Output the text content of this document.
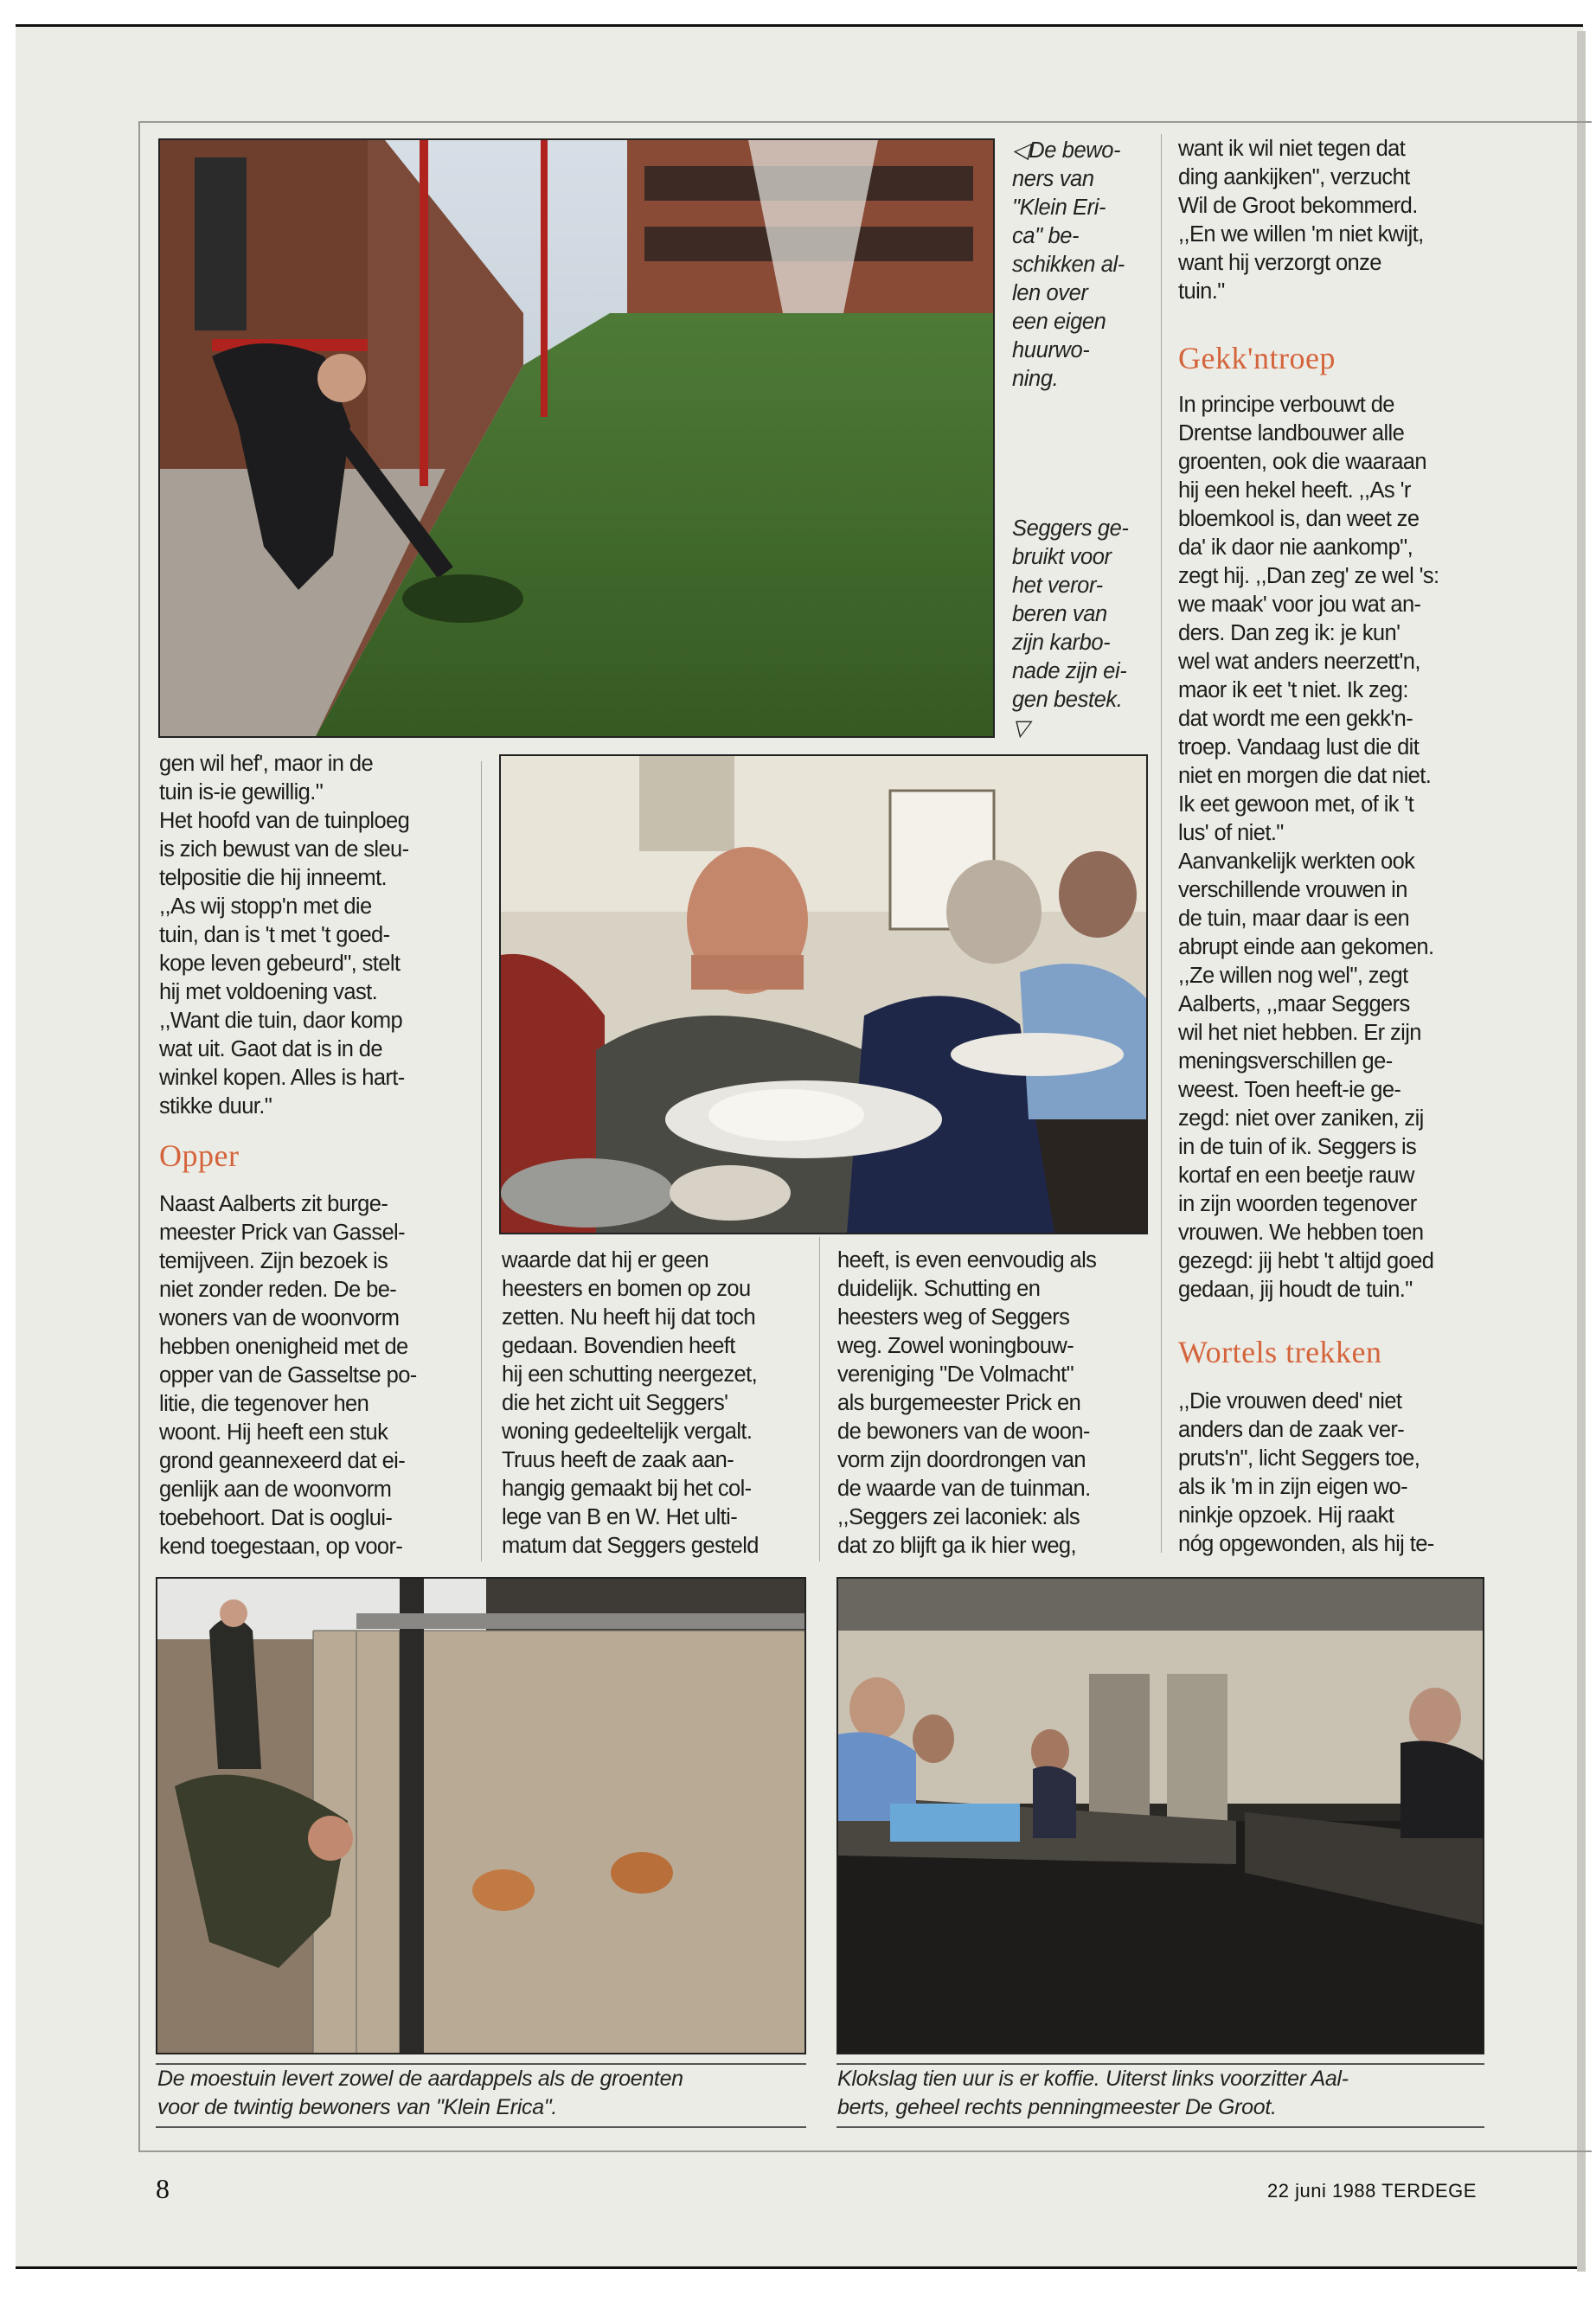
◁De bewo-
ners van
"Klein Eri-
ca" be-
schikken al-
len over
een eigen
huurwo-
ning.
Seggers ge-
bruikt voor
het veror-
beren van
zijn karbo-
nade zijn ei-
gen bestek.
▽
want ik wil niet tegen dat
ding aankijken", verzucht
Wil de Groot bekommerd.
,,En we willen 'm niet kwijt,
want hij verzorgt onze
tuin."
Gekk'ntroep
In principe verbouwt de
Drentse landbouwer alle
groenten, ook die waaraan
hij een hekel heeft. ,,As 'r
bloemkool is, dan weet ze
da' ik daor nie aankomp",
zegt hij. ,,Dan zeg' ze wel 's:
we maak' voor jou wat an-
ders. Dan zeg ik: je kun'
wel wat anders neerzett'n,
maor ik eet 't niet. Ik zeg:
dat wordt me een gekk'n-
troep. Vandaag lust die dit
niet en morgen die dat niet.
Ik eet gewoon met, of ik 't
lus' of niet."
Aanvankelijk werkten ook
verschillende vrouwen in
de tuin, maar daar is een
abrupt einde aan gekomen.
,,Ze willen nog wel", zegt
Aalberts, ,,maar Seggers
wil het niet hebben. Er zijn
meningsverschillen ge-
weest. Toen heeft-ie ge-
zegd: niet over zaniken, zij
in de tuin of ik. Seggers is
kortaf en een beetje rauw
in zijn woorden tegenover
vrouwen. We hebben toen
gezegd: jij hebt 't altijd goed
gedaan, jij houdt de tuin."
Wortels trekken
,,Die vrouwen deed' niet
anders dan de zaak ver-
pruts'n", licht Seggers toe,
als ik 'm in zijn eigen wo-
ninkje opzoek. Hij raakt
nóg opgewonden, als hij te-
gen wil hef', maor in de
tuin is-ie gewillig."
Het hoofd van de tuinploeg
is zich bewust van de sleu-
telpositie die hij inneemt.
,,As wij stopp'n met die
tuin, dan is 't met 't goed-
kope leven gebeurd", stelt
hij met voldoening vast.
,,Want die tuin, daor komp
wat uit. Gaot dat is in de
winkel kopen. Alles is hart-
stikke duur."
Opper
Naast Aalberts zit burge-
meester Prick van Gassel-
temijveen. Zijn bezoek is
niet zonder reden. De be-
woners van de woonvorm
hebben onenigheid met de
opper van de Gasseltse po-
litie, die tegenover hen
woont. Hij heeft een stuk
grond geannexeerd dat ei-
genlijk aan de woonvorm
toebehoort. Dat is ooglui-
kend toegestaan, op voor-
waarde dat hij er geen
heesters en bomen op zou
zetten. Nu heeft hij dat toch
gedaan. Bovendien heeft
hij een schutting neergezet,
die het zicht uit Seggers'
woning gedeeltelijk vergalt.
Truus heeft de zaak aan-
hangig gemaakt bij het col-
lege van B en W. Het ulti-
matum dat Seggers gesteld
heeft, is even eenvoudig als
duidelijk. Schutting en
heesters weg of Seggers
weg. Zowel woningbouw-
vereniging "De Volmacht"
als burgemeester Prick en
de bewoners van de woon-
vorm zijn doordrongen van
de waarde van de tuinman.
,,Seggers zei laconiek: als
dat zo blijft ga ik hier weg,
De moestuin levert zowel de aardappels als de groenten
voor de twintig bewoners van "Klein Erica".
Klokslag tien uur is er koffie. Uiterst links voorzitter Aal-
berts, geheel rechts penningmeester De Groot.
8	22 juni 1988 TERDEGE
